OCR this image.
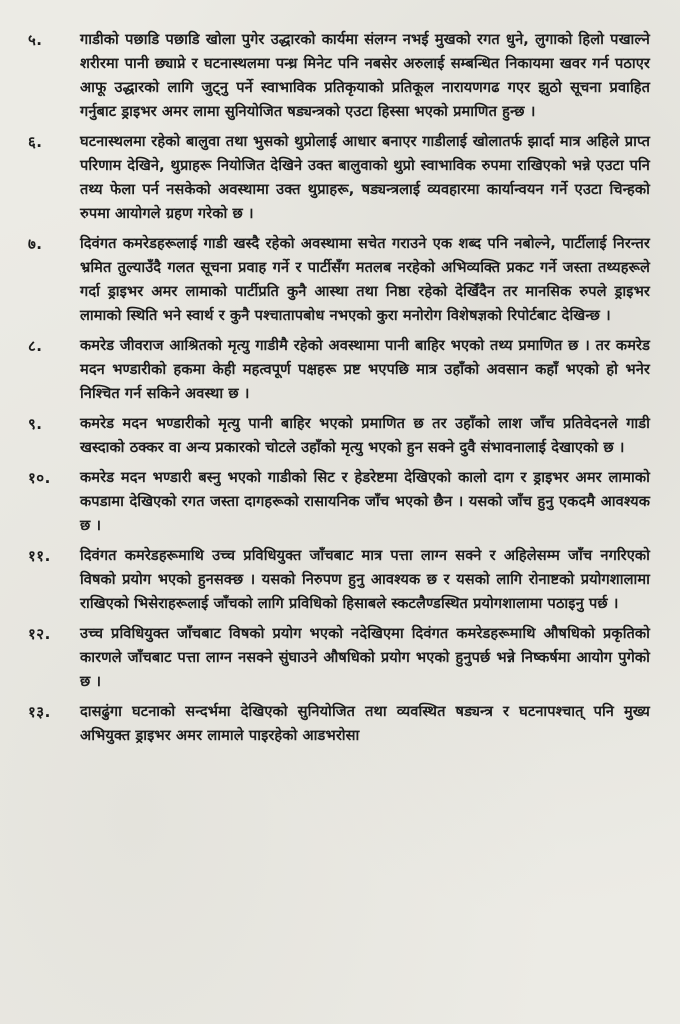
५.	गाडीको पछाडि पछाडि खोला पुगेर उद्धारको कार्यमा संलग्न नभई मुखको रगत धुने, लुगाको हिलो पखाल्ने शरीरमा पानी छ्याप्ने र घटनास्थलमा पन्ध्र मिनेट पनि नबसेर अरुलाई सम्बन्धित निकायमा खवर गर्न पठाएर आफू उद्धारको लागि जुट्नु पर्ने स्वाभाविक प्रतिकृयाको प्रतिकूल नारायणगढ गएर झुठो सूचना प्रवाहित गर्नुबाट ड्राइभर अमर लामा सुनियोजित षड्यन्त्रको एउटा हिस्सा भएको प्रमाणित हुन्छ ।
६.	घटनास्थलमा रहेको बालुवा तथा भुसको थुप्रोलाई आधार बनाएर गाडीलाई खोलातर्फ झार्दा मात्र अहिले प्राप्त परिणाम देखिने, थुप्राहरू नियोजित देखिने उक्त बालुवाको थुप्रो स्वाभाविक रुपमा राखिएको भन्ने एउटा पनि तथ्य फेला पर्न नसकेको अवस्थामा उक्त थुप्राहरू, षड्यन्त्रलाई व्यवहारमा कार्यान्वयन गर्ने एउटा चिन्हको रुपमा आयोगले ग्रहण गरेको छ ।
७.	दिवंगत कमरेडहरूलाई गाडी खस्दै रहेको अवस्थामा सचेत गराउने एक शब्द पनि नबोल्ने, पार्टीलाई निरन्तर भ्रमित तुल्याउँदै गलत सूचना प्रवाह गर्ने र पार्टीसँग मतलब नरहेको अभिव्यक्ति प्रकट गर्ने जस्ता तथ्यहरूले गर्दा ड्राइभर अमर लामाको पार्टीप्रति कुनै आस्था तथा निष्ठा रहेको देखिँदैन तर मानसिक रुपले ड्राइभर लामाको स्थिति भने स्वार्थ र कुनै पश्चातापबोध नभएको कुरा मनोरोग विशेषज्ञको रिपोर्टबाट देखिन्छ ।
८.	कमरेड जीवराज आश्रितको मृत्यु गाडीमै रहेको अवस्थामा पानी बाहिर भएको तथ्य प्रमाणित छ । तर कमरेड मदन भण्डारीको हकमा केही महत्वपूर्ण पक्षहरू प्रष्ट भएपछि मात्र उहाँको अवसान कहाँ भएको हो भनेर निश्चित गर्न सकिने अवस्था छ ।
९.	कमरेड मदन भण्डारीको मृत्यु पानी बाहिर भएको प्रमाणित छ तर उहाँको लाश जाँच प्रतिवेदनले गाडी खस्दाको ठक्कर वा अन्य प्रकारको चोटले उहाँको मृत्यु भएको हुन सक्ने दुवै संभावनालाई देखाएको छ ।
१०.	कमरेड मदन भण्डारी बस्नु भएको गाडीको सिट र हेडरेष्टमा देखिएको कालो दाग र ड्राइभर अमर लामाको कपडामा देखिएको रगत जस्ता दागहरूको रासायनिक जाँच भएको छैन । यसको जाँच हुनु एकदमै आवश्यक छ ।
११.	दिवंगत कमरेडहरूमाथि उच्च प्रविधियुक्त जाँचबाट मात्र पत्ता लाग्न सक्ने र अहिलेसम्म जाँच नगरिएको विषको प्रयोग भएको हुनसक्छ । यसको निरुपण हुनु आवश्यक छ र यसको लागि रोनाष्टको प्रयोगशालामा राखिएको भिसेराहरूलाई जाँचको लागि प्रविधिको हिसाबले स्कटलैण्डस्थित प्रयोगशालामा पठाइनु पर्छ ।
१२.	उच्च प्रविधियुक्त जाँचबाट विषको प्रयोग भएको नदेखिएमा दिवंगत कमरेडहरूमाथि औषधिको प्रकृतिको कारणले जाँचबाट पत्ता लाग्न नसक्ने सुंघाउने औषधिको प्रयोग भएको हुनुपर्छ भन्ने निष्कर्षमा आयोग पुगेको छ ।
१३.	दासढुंगा घटनाको सन्दर्भमा देखिएको सुनियोजित तथा व्यवस्थित षड्यन्त्र र घटनापश्चात् पनि मुख्य अभियुक्त ड्राइभर अमर लामाले पाइरहेको आडभरोसा
